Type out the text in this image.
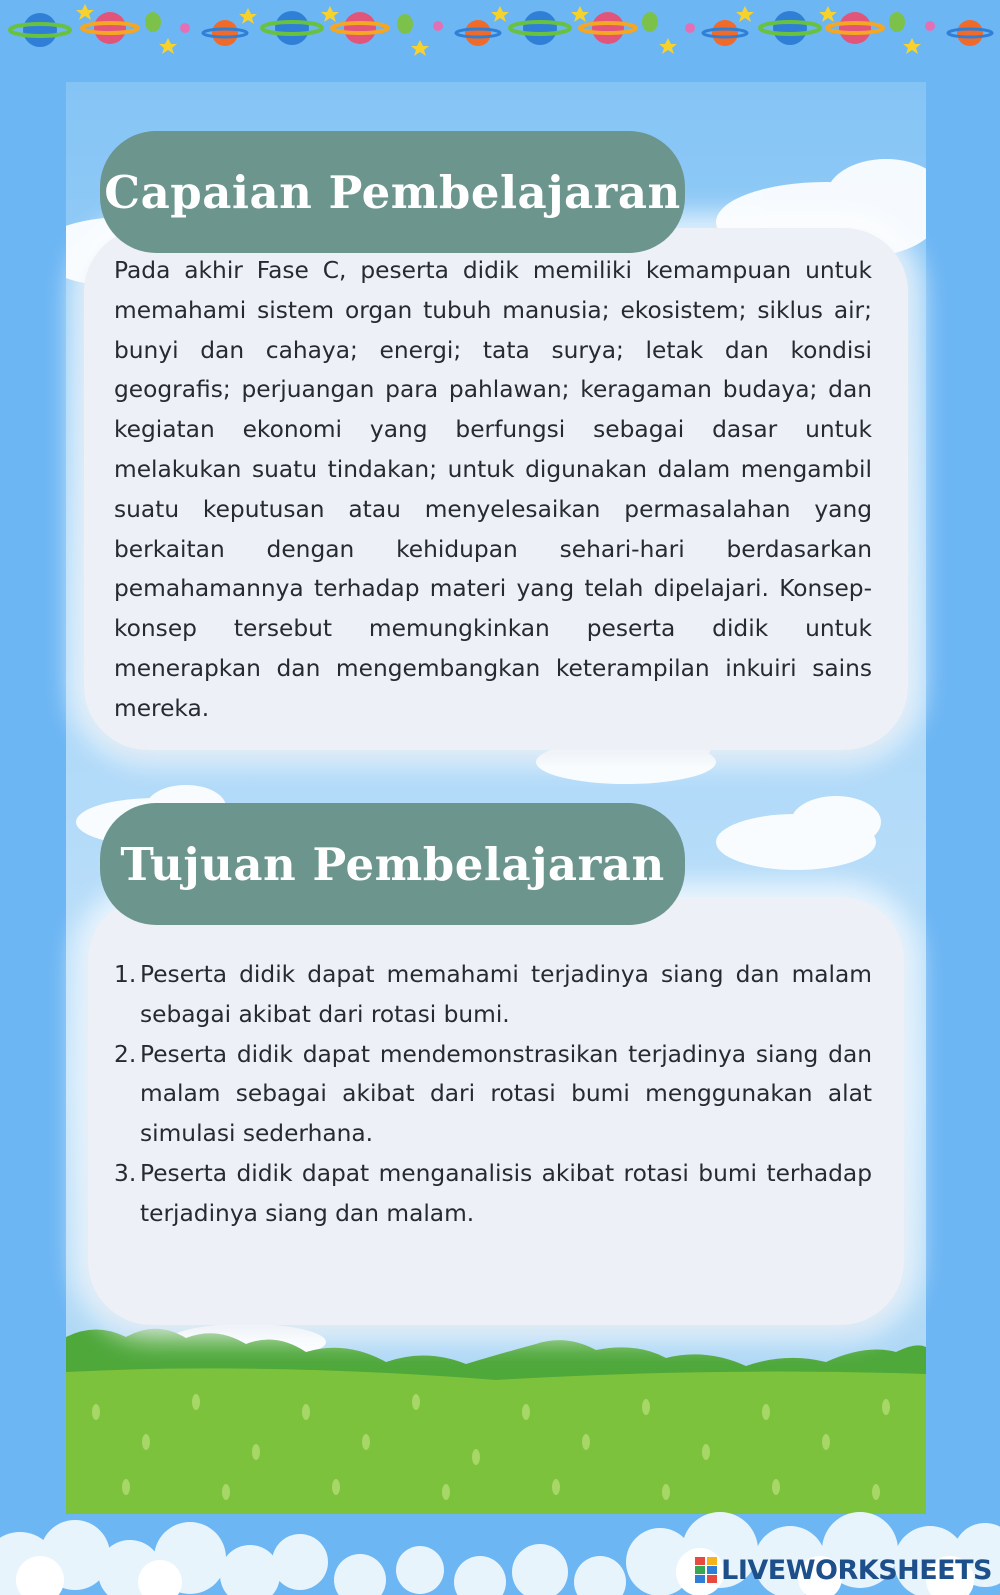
Capaian Pembelajaran

Pada akhir Fase C, peserta didik memiliki kemampuan untuk memahami sistem organ tubuh manusia; ekosistem; siklus air; bunyi dan cahaya; energi; tata surya; letak dan kondisi geografis; perjuangan para pahlawan; keragaman budaya; dan kegiatan ekonomi yang berfungsi sebagai dasar untuk melakukan suatu tindakan; untuk digunakan dalam mengambil suatu keputusan atau menyelesaikan permasalahan yang berkaitan dengan kehidupan sehari-hari berdasarkan pemahamannya terhadap materi yang telah dipelajari. Konsep-konsep tersebut memungkinkan peserta didik untuk menerapkan dan mengembangkan keterampilan inkuiri sains mereka.

Tujuan Pembelajaran
1. Peserta didik dapat memahami terjadinya siang dan malam sebagai akibat dari rotasi bumi.
2. Peserta didik dapat mendemonstrasikan terjadinya siang dan malam sebagai akibat dari rotasi bumi menggunakan alat simulasi sederhana.
3. Peserta didik dapat menganalisis akibat rotasi bumi terhadap terjadinya siang dan malam.
LIVEWORKSHEETS
